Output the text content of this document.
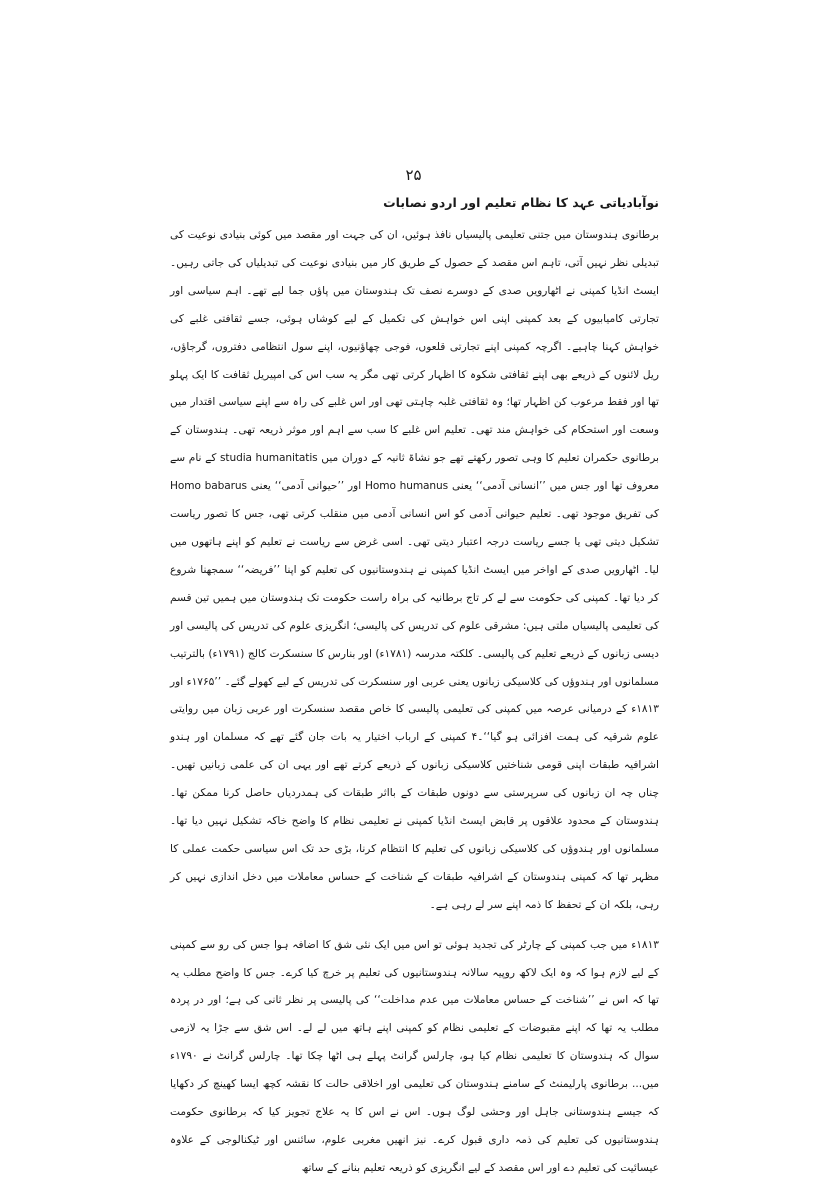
۲۵
نوآبادیاتی عہد کا نظام تعلیم اور اردو نصابات

برطانوی ہندوستان میں جتنی تعلیمی پالیسیاں نافذ ہوئیں، ان کی جہت اور مقصد میں کوئی بنیادی نوعیت کی تبدیلی نظر نہیں آتی، تاہم اس مقصد کے حصول کے طریق کار میں بنیادی نوعیت کی تبدیلیاں کی جاتی رہیں۔ ایسٹ انڈیا کمپنی نے اٹھارویں صدی کے دوسرے نصف تک ہندوستان میں پاؤں جما لیے تھے۔ اہم سیاسی اور تجارتی کامیابیوں کے بعد کمپنی اپنی اس خواہش کی تکمیل کے لیے کوشاں ہوئی، جسے ثقافتی غلبے کی خواہش کہنا چاہیے۔ اگرچہ کمپنی اپنے تجارتی قلعوں، فوجی چھاؤنیوں، اپنے سول انتظامی دفتروں، گرجاؤں، ریل لائنوں کے ذریعے بھی اپنے ثقافتی شکوہ کا اظہار کرتی تھی مگر یہ سب اس کی امپیریل ثقافت کا ایک پہلو تھا اور فقط مرعوب کن اظہار تھا؛ وہ ثقافتی غلبہ چاہتی تھی اور اس غلبے کی راہ سے اپنے سیاسی اقتدار میں وسعت اور استحکام کی خواہش مند تھی۔ تعلیم اس غلبے کا سب سے اہم اور موثر ذریعہ تھی۔ ہندوستان کے برطانوی حکمران تعلیم کا وہی تصور رکھتے تھے جو نشاۃ ثانیہ کے دوران میں studia humanitatis کے نام سے معروف تھا اور جس میں ’’انسانی آدمی‘‘ یعنی Homo humanus اور ’’حیوانی آدمی‘‘ یعنی Homo babarus کی تفریق موجود تھی۔ تعلیم حیوانی آدمی کو اس انسانی آدمی میں منقلب کرتی تھی، جس کا تصور ریاست تشکیل دیتی تھی یا جسے ریاست درجہ اعتبار دیتی تھی۔ اسی غرض سے ریاست نے تعلیم کو اپنے ہاتھوں میں لیا۔ اٹھارویں صدی کے اواخر میں ایسٹ انڈیا کمپنی نے ہندوستانیوں کی تعلیم کو اپنا ’’فریضہ‘‘ سمجھنا شروع کر دیا تھا۔ کمپنی کی حکومت سے لے کر تاج برطانیہ کی براہ راست حکومت تک ہندوستان میں ہمیں تین قسم کی تعلیمی پالیسیاں ملتی ہیں: مشرقی علوم کی تدریس کی پالیسی؛ انگریزی علوم کی تدریس کی پالیسی اور دیسی زبانوں کے ذریعے تعلیم کی پالیسی۔ کلکتہ مدرسہ (۱۷۸۱ء) اور بنارس کا سنسکرت کالج (۱۷۹۱ء) بالترتیب مسلمانوں اور ہندوؤں کی کلاسیکی زبانوں یعنی عربی اور سنسکرت کی تدریس کے لیے کھولے گئے۔ ’’۱۷۶۵ء اور ۱۸۱۳ء کے درمیانی عرصہ میں کمپنی کی تعلیمی پالیسی کا خاص مقصد سنسکرت اور عربی زبان میں روایتی علوم شرقیہ کی ہمت افزائی ہو گیا‘‘۔۴ کمپنی کے ارباب اختیار یہ بات جان گئے تھے کہ مسلمان اور ہندو اشرافیہ طبقات اپنی قومی شناختیں کلاسیکی زبانوں کے ذریعے کرتے تھے اور یہی ان کی علمی زبانیں تھیں۔ چناں چہ ان زبانوں کی سرپرستی سے دونوں طبقات کے بااثر طبقات کی ہمدردیاں حاصل کرنا ممکن تھا۔ ہندوستان کے محدود علاقوں پر قابض ایسٹ انڈیا کمپنی نے تعلیمی نظام کا واضح خاکہ تشکیل نہیں دیا تھا۔ مسلمانوں اور ہندوؤں کی کلاسیکی زبانوں کی تعلیم کا انتظام کرنا، بڑی حد تک اس سیاسی حکمت عملی کا مظہر تھا کہ کمپنی ہندوستان کے اشرافیہ طبقات کے شناخت کے حساس معاملات میں دخل اندازی نہیں کر رہی، بلکہ ان کے تحفظ کا ذمہ اپنے سر لے رہی ہے۔

۱۸۱۳ء میں جب کمپنی کے چارٹر کی تجدید ہوئی تو اس میں ایک نئی شق کا اضافہ ہوا جس کی رو سے کمپنی کے لیے لازم ہوا کہ وہ ایک لاکھ روپیہ سالانہ ہندوستانیوں کی تعلیم پر خرچ کیا کرے۔ جس کا واضح مطلب یہ تھا کہ اس نے ’’شناخت کے حساس معاملات میں عدم مداخلت‘‘ کی پالیسی پر نظر ثانی کی ہے؛ اور در پردہ مطلب یہ تھا کہ اپنے مقبوضات کے تعلیمی نظام کو کمپنی اپنے ہاتھ میں لے لے۔ اس شق سے جڑا یہ لازمی سوال کہ ہندوستان کا تعلیمی نظام کیا ہو، چارلس گرانٹ پہلے ہی اٹھا چکا تھا۔ چارلس گرانٹ نے ۱۷۹۰ء میں... برطانوی پارلیمنٹ کے سامنے ہندوستان کی تعلیمی اور اخلاقی حالت کا نقشہ کچھ ایسا کھینچ کر دکھایا کہ جیسے ہندوستانی جاہل اور وحشی لوگ ہوں۔ اس نے اس کا یہ علاج تجویز کیا کہ برطانوی حکومت ہندوستانیوں کی تعلیم کی ذمہ داری قبول کرے۔ نیز انھیں مغربی علوم، سائنس اور ٹیکنالوجی کے علاوہ عیسائیت کی تعلیم دے اور اس مقصد کے لیے انگریزی کو ذریعہ تعلیم بنانے کے ساتھ
